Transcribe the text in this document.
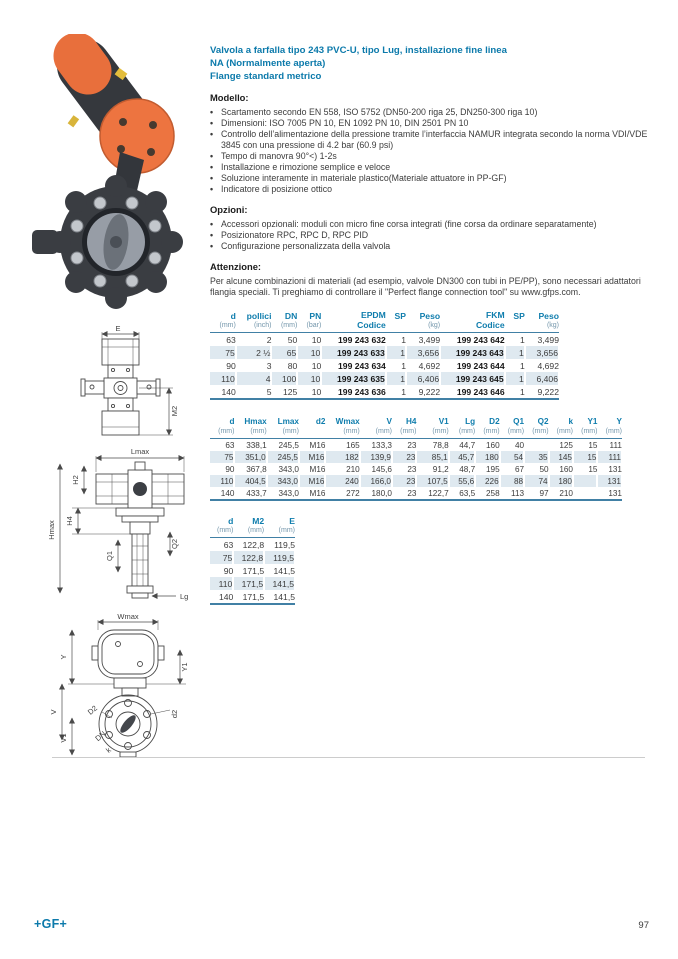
E
M2
Lmax
H2
Hmax H4
Q1
Q2
Lg
Wmax
Y
Y1
V
V1
D2	d2
DN
k
Valvola a farfalla tipo 243 PVC-U, tipo Lug, installazione fine linea
NA (Normalmente aperta)
Flange standard metrico
Modello:
• Scartamento secondo EN 558, ISO 5752 (DN50-200 riga 25, DN250-300 riga 10)
• Dimensioni: ISO 7005 PN 10, EN 1092 PN 10, DIN 2501 PN 10
• Controllo dell’alimentazione della pressione tramite l’interfaccia NAMUR integrata secondo la norma VDI/VDE 3845 con una pressione di 4.2 bar (60.9 psi)
• Tempo di manovra 90°<) 1-2s
• Installazione e rimozione semplice e veloce
• Soluzione interamente in materiale plastico(Materiale attuatore in PP-GF)
• Indicatore di posizione ottico
Opzioni:
• Accessori opzionali: moduli con micro fine corsa integrati (fine corsa da ordinare separatamente)
• Posizionatore RPC, RPC D, RPC PID
• Configurazione personalizzata della valvola
Attenzione:

Per alcune combinazioni di materiali (ad esempio, valvole DN300 con tubi in PE/PP), sono necessari adattatori flangia speciali. Ti preghiamo di controllare il "Perfect flange connection tool" su www.gfps.com.

d
(mm)

pollici
(inch)

DN
(mm)

PN
(bar)

EPDM
Codice

SP	Peso
(kg)

FKM
Codice

SP	Peso
(kg)

63	2	50	10	199 243 632	1	3,499	199 243 642	1	3,499
75	2 ½	65	10	199 243 633	1	3,656	199 243 643	1	3,656
90	3	80	10	199 243 634	1	4,692	199 243 644	1	4,692
110	4	100	10	199 243 635	1	6,406	199 243 645	1	6,406
140	5	125	10	199 243 636	1	9,222	199 243 646	1	9,222
d
(mm)

Hmax
(mm)

Lmax
(mm)

d2	Wmax
(mm)

V
(mm)

H4
(mm)

V1
(mm)

Lg
(mm)

D2
(mm)

Q1
(mm)

Q2
(mm)

k
(mm)

Y1
(mm)

Y
(mm)

63	338,1	245,5	M16	165	133,3	23	78,8	44,7	160	40		125	15	111
75	351,0	245,5	M16	182	139,9	23	85,1	45,7	180	54	35	145	15	111
90	367,8	343,0	M16	210	145,6	23	91,2	48,7	195	67	50	160	15	131
110	404,5	343,0	M16	240	166,0	23	107,5	55,6	226	88	74	180		131
140	433,7	343,0	M16	272	180,0	23	122,7	63,5	258	113	97	210		131
d
(mm)

M2
(mm)

E
(mm)

63	122,8	119,5
75	122,8	119,5
90	171,5	141,5
110	171,5	141,5
140	171,5	141,5
+GF+	97
